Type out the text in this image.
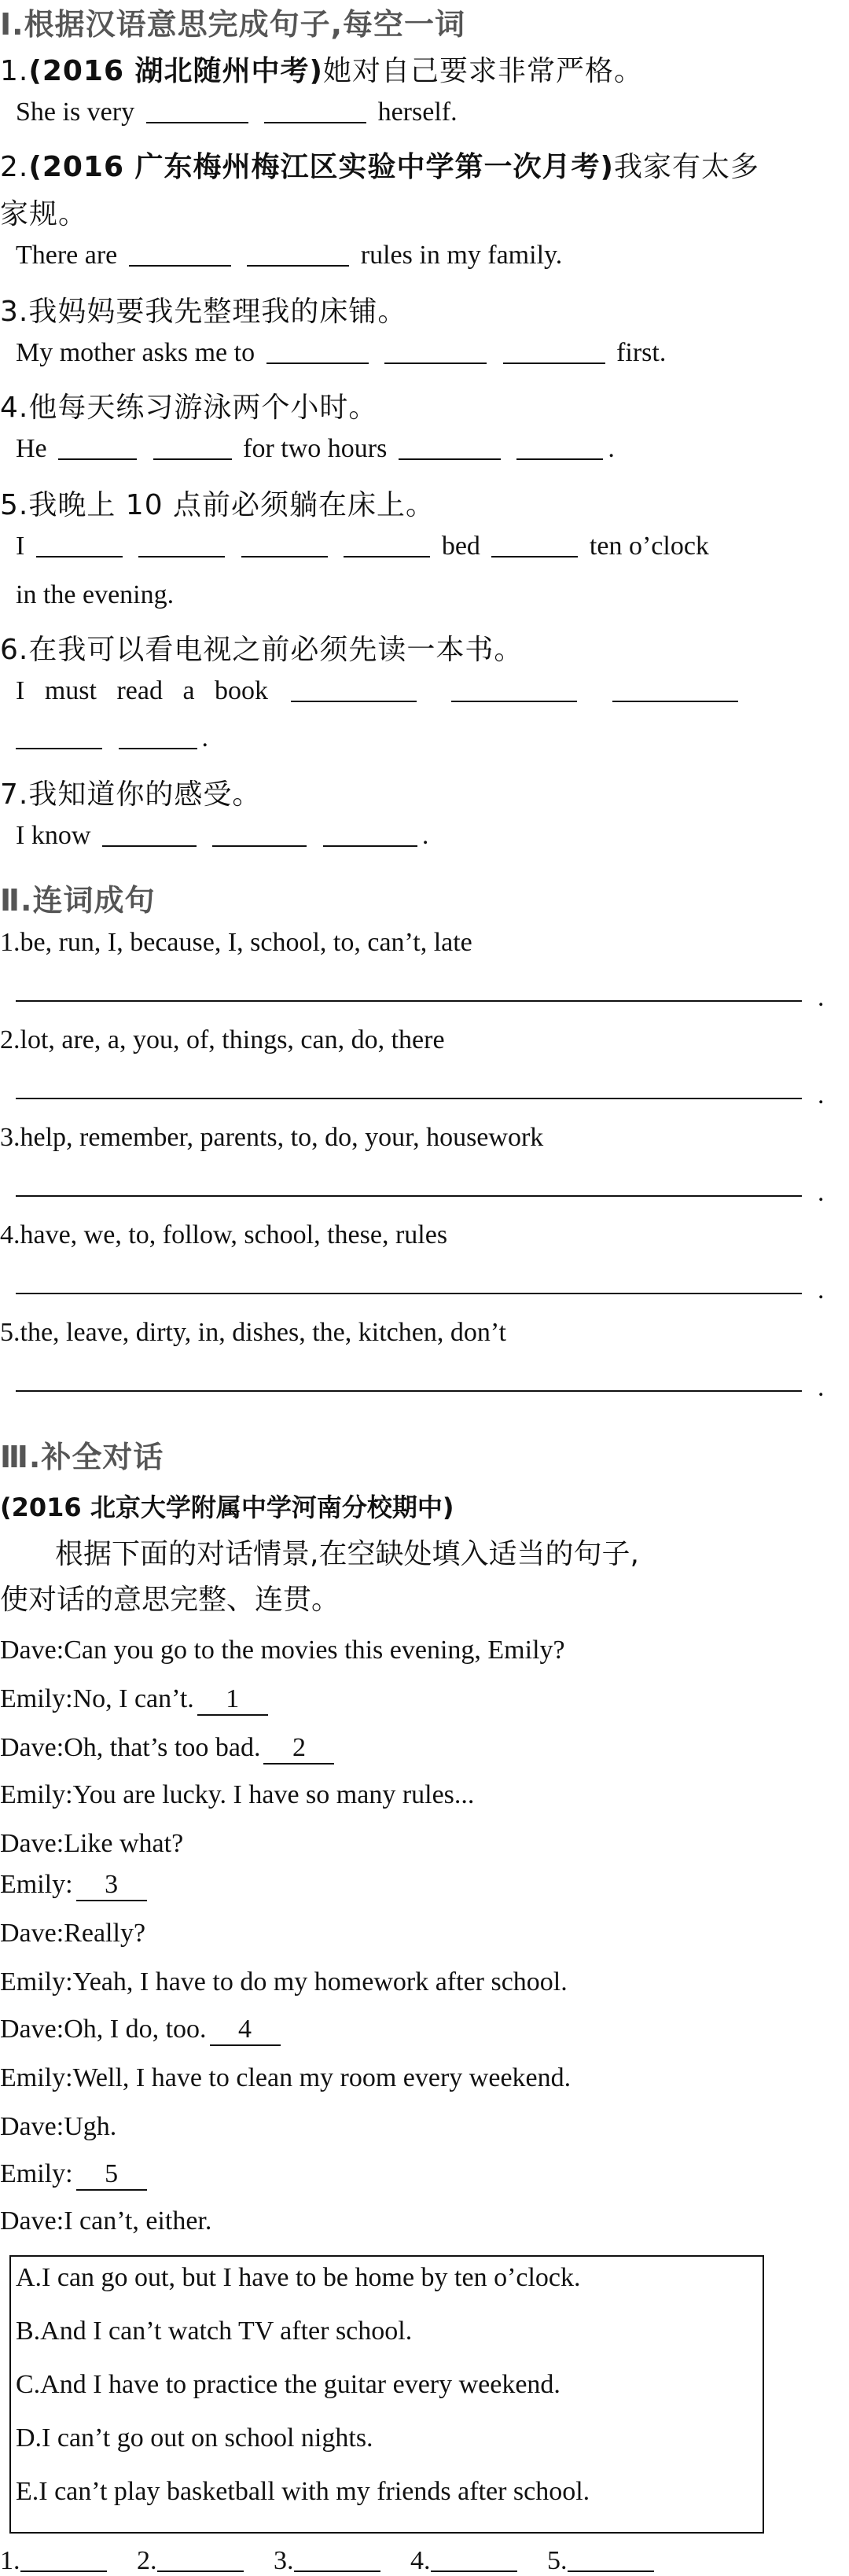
Ⅰ.根据汉语意思完成句子,每空一词
1.(2016 湖北随州中考)她对自己要求非常严格。
She is very	herself.
2.(2016 广东梅州梅江区实验中学第一次月考)我家有太多
家规。
There are	rules in my family.
3.我妈妈要我先整理我的床铺。
My mother asks me to	first.
4.他每天练习游泳两个小时。
He	for two hours	.
5.我晚上 10 点前必须躺在床上。
I	bed	ten o’clock
in the evening.
6.在我可以看电视之前必须先读一本书。
I   must   read   a   book
.
7.我知道你的感受。
I know	.
Ⅱ.连词成句
1.be, run, I, because, I, school, to, can’t, late
.
2.lot, are, a, you, of, things, can, do, there
.
3.help, remember, parents, to, do, your, housework
.
4.have, we, to, follow, school, these, rules
.
5.the, leave, dirty, in, dishes, the, kitchen, don’t
.
Ⅲ.补全对话
(2016 北京大学附属中学河南分校期中)
根据下面的对话情景,在空缺处填入适当的句子,
使对话的意思完整、连贯。
Dave:Can you go to the movies this evening, Emily?
Emily:No, I can’t. 1
Dave:Oh, that’s too bad. 2
Emily:You are lucky. I have so many rules...
Dave:Like what?
Emily: 3
Dave:Really?
Emily:Yeah, I have to do my homework after school.
Dave:Oh, I do, too. 4
Emily:Well, I have to clean my room every weekend.
Dave:Ugh.
Emily: 5
Dave:I can’t, either.
A.I can go out, but I have to be home by ten o’clock.
B.And I can’t watch TV after school.
C.And I have to practice the guitar every weekend.
D.I can’t go out on school nights.
E.I can’t play basketball with my friends after school.
1.	2.	3.	4.	5.
